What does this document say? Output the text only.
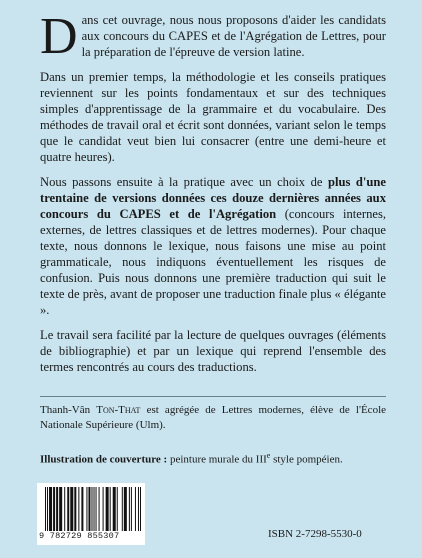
Dans cet ouvrage, nous nous proposons d'aider les candidats aux concours du CAPES et de l'Agrégation de Lettres, pour la préparation de l'épreuve de version latine.

Dans un premier temps, la méthodologie et les conseils pratiques reviennent sur les points fondamentaux et sur des techniques simples d'apprentissage de la grammaire et du vocabulaire. Des méthodes de travail oral et écrit sont données, variant selon le temps que le candidat veut bien lui consacrer (entre une demi-heure et quatre heures).

Nous passons ensuite à la pratique avec un choix de plus d'une trentaine de versions données ces douze dernières années aux concours du CAPES et de l'Agrégation (concours internes, externes, de lettres classiques et de lettres modernes). Pour chaque texte, nous donnons le lexique, nous faisons une mise au point grammaticale, nous indiquons éventuellement les risques de confusion. Puis nous donnons une première traduction qui suit le texte de près, avant de proposer une traduction finale plus « élégante ».

Le travail sera facilité par la lecture de quelques ouvrages (éléments de bibliographie) et par un lexique qui reprend l'ensemble des termes rencontrés au cours des traductions.

Thanh-Vân Ton-That est agrégée de Lettres modernes, élève de l'École Nationale Supérieure (Ulm).

Illustration de couverture : peinture murale du IIIe style pompéien.

9 782729 855307	ISBN 2-7298-5530-0
